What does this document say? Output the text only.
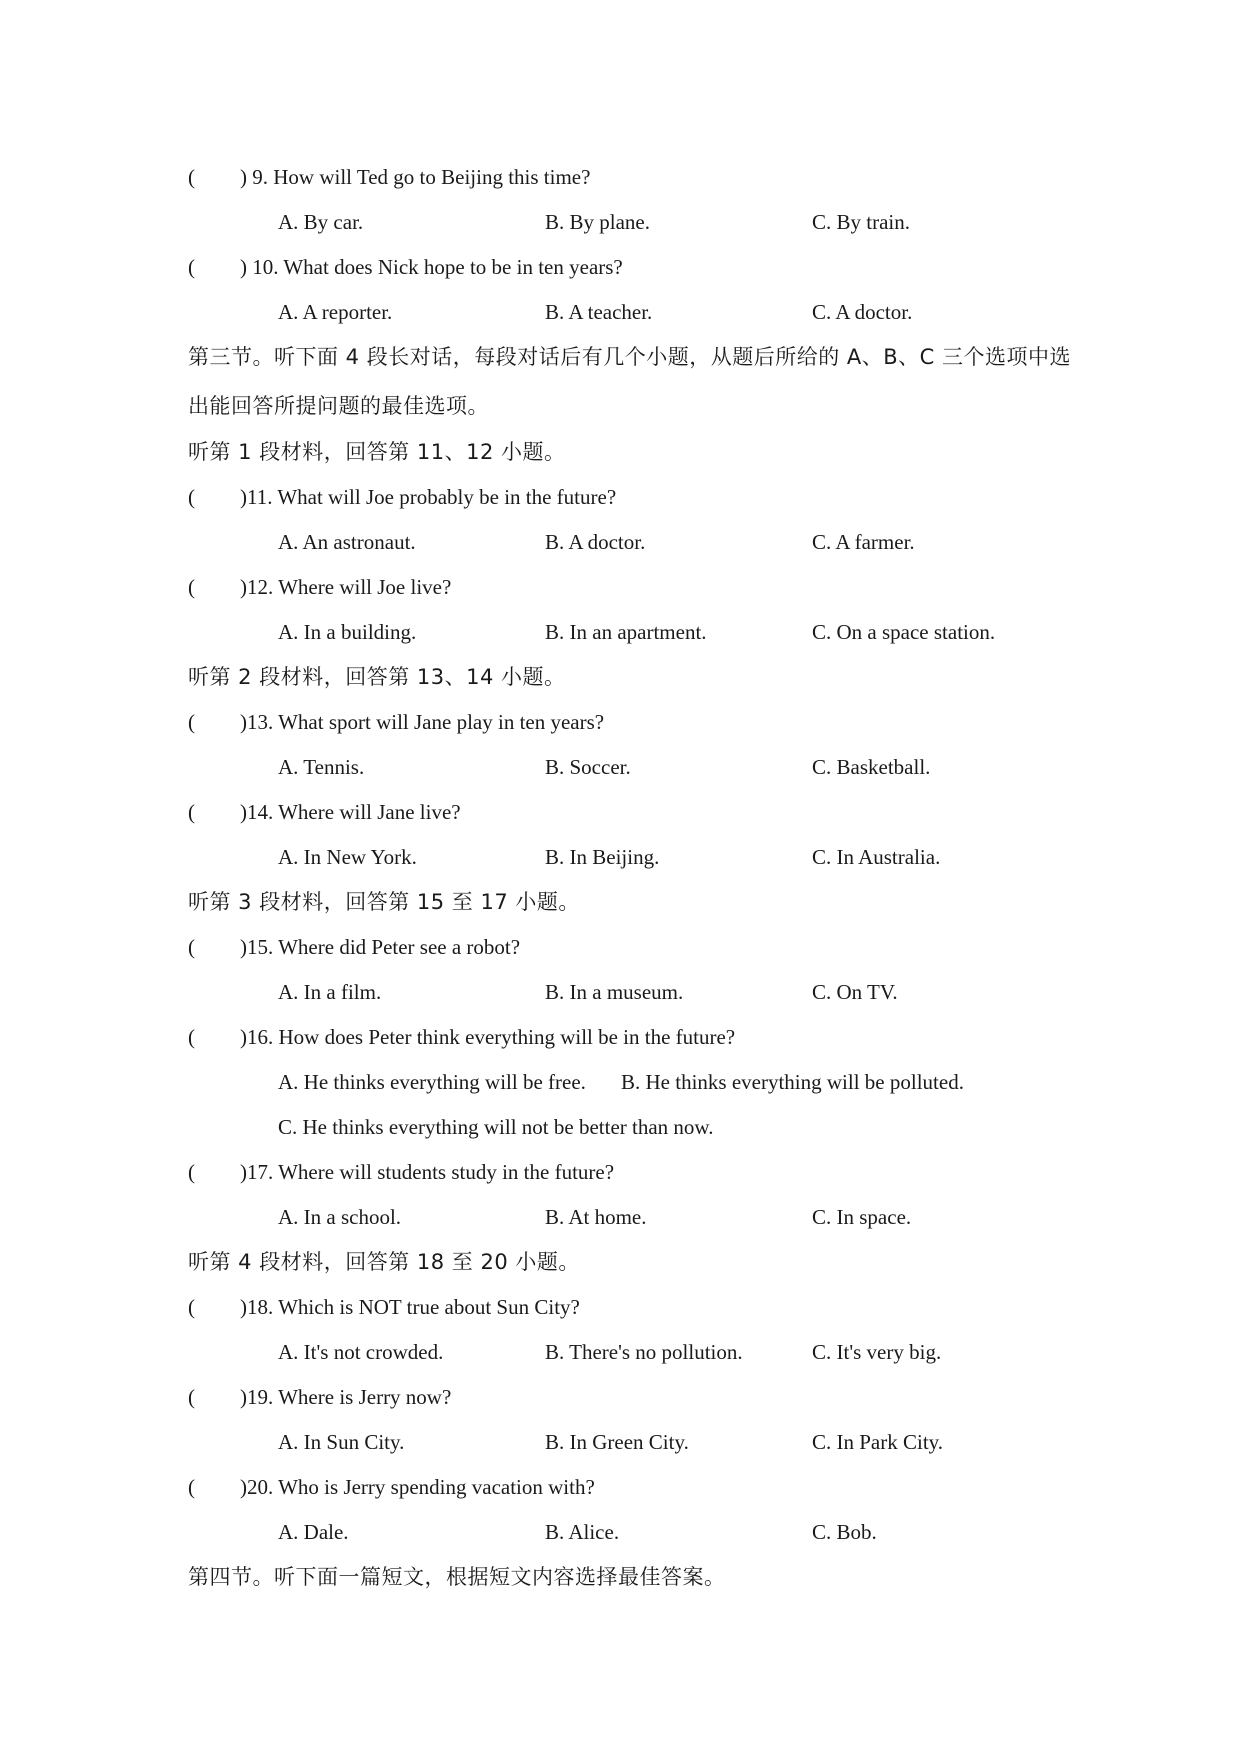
(	) 9. How will Ted go to Beijing this time?
A. By car.	B. By plane.	C. By train.
(	) 10. What does Nick hope to be in ten years?
A. A reporter.	B. A teacher.	C. A doctor.
第三节。听下面 4 段长对话，每段对话后有几个小题，从题后所给的 A、B、C 三个选项中选
出能回答所提问题的最佳选项。
听第 1 段材料，回答第 11、12 小题。
(	)11. What will Joe probably be in the future?
A. An astronaut.	B. A doctor.	C. A farmer.
(	)12. Where will Joe live?
A. In a building.	B. In an apartment.	C. On a space station.
听第 2 段材料，回答第 13、14 小题。
(	)13. What sport will Jane play in ten years?
A. Tennis.	B. Soccer.	C. Basketball.
(	)14. Where will Jane live?
A. In New York.	B. In Beijing.	C. In Australia.
听第 3 段材料，回答第 15 至 17 小题。
(	)15. Where did Peter see a robot?
A. In a film.	B. In a museum.	C. On TV.
(	)16. How does Peter think everything will be in the future?
A. He thinks everything will be free. B. He thinks everything will be polluted.
C. He thinks everything will not be better than now.
(	)17. Where will students study in the future?
A. In a school.	B. At home.	C. In space.
听第 4 段材料，回答第 18 至 20 小题。
(	)18. Which is NOT true about Sun City?
A. It's not crowded.	B. There's no pollution.	C. It's very big.
(	)19. Where is Jerry now?
A. In Sun City.	B. In Green City.	C. In Park City.
(	)20. Who is Jerry spending vacation with?
A. Dale.	B. Alice.	C. Bob.
第四节。听下面一篇短文，根据短文内容选择最佳答案。
